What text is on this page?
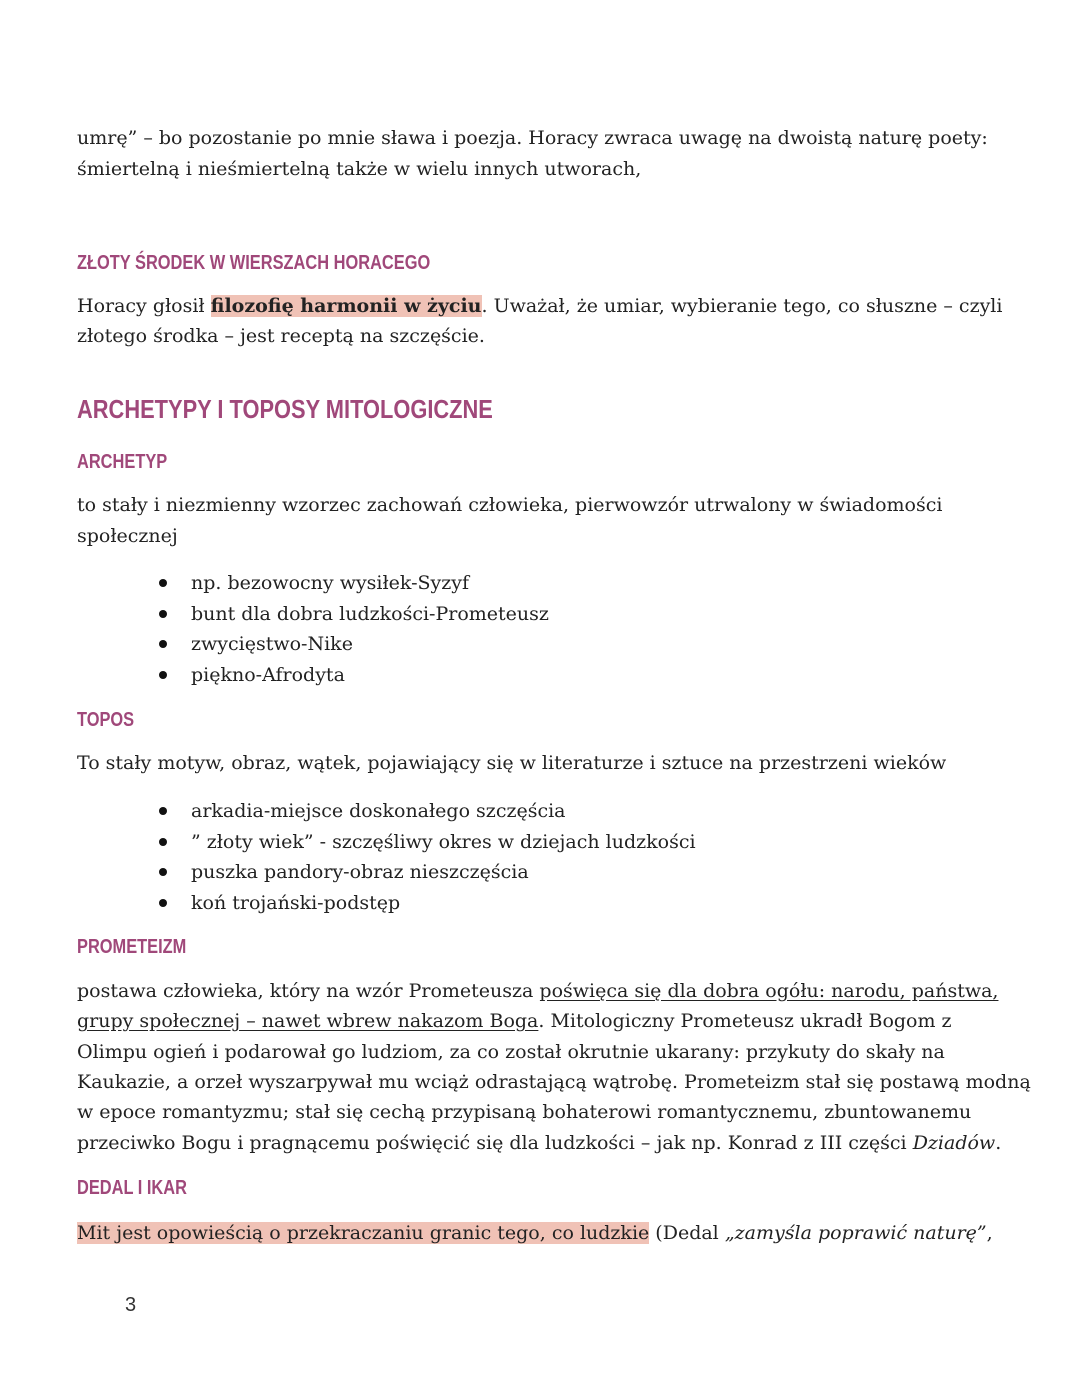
umrę” – bo pozostanie po mnie sława i poezja. Horacy zwraca uwagę na dwoistą naturę poety:

śmiertelną i nieśmiertelną także w wielu innych utworach,

ZŁOTY ŚRODEK W WIERSZACH HORACEGO

Horacy głosił filozofię harmonii w życiu. Uważał, że umiar, wybieranie tego, co słuszne – czyli

złotego środka – jest receptą na szczęście.

ARCHETYPY I TOPOSY MITOLOGICZNE
ARCHETYP

to stały i niezmienny wzorzec zachowań człowieka, pierwowzór utrwalony w świadomości

społecznej

np. bezowocny wysiłek-Syzyf
bunt dla dobra ludzkości-Prometeusz
zwycięstwo-Nike
piękno-Afrodyta
TOPOS

To stały motyw, obraz, wątek, pojawiający się w literaturze i sztuce na przestrzeni wieków

arkadia-miejsce doskonałego szczęścia
” złoty wiek” - szczęśliwy okres w dziejach ludzkości
puszka pandory-obraz nieszczęścia
koń trojański-podstęp
PROMETEIZM

postawa człowieka, który na wzór Prometeusza poświęca się dla dobra ogółu: narodu, państwa,

grupy społecznej – nawet wbrew nakazom Boga. Mitologiczny Prometeusz ukradł Bogom z

Olimpu ogień i podarował go ludziom, za co został okrutnie ukarany: przykuty do skały na

Kaukazie, a orzeł wyszarpywał mu wciąż odrastającą wątrobę. Prometeizm stał się postawą modną

w epoce romantyzmu; stał się cechą przypisaną bohaterowi romantycznemu, zbuntowanemu

przeciwko Bogu i pragnącemu poświęcić się dla ludzkości – jak np. Konrad z III części Dziadów.

DEDAL I IKAR

Mit jest opowieścią o przekraczaniu granic tego, co ludzkie (Dedal „zamyśla poprawić naturę”,

3
